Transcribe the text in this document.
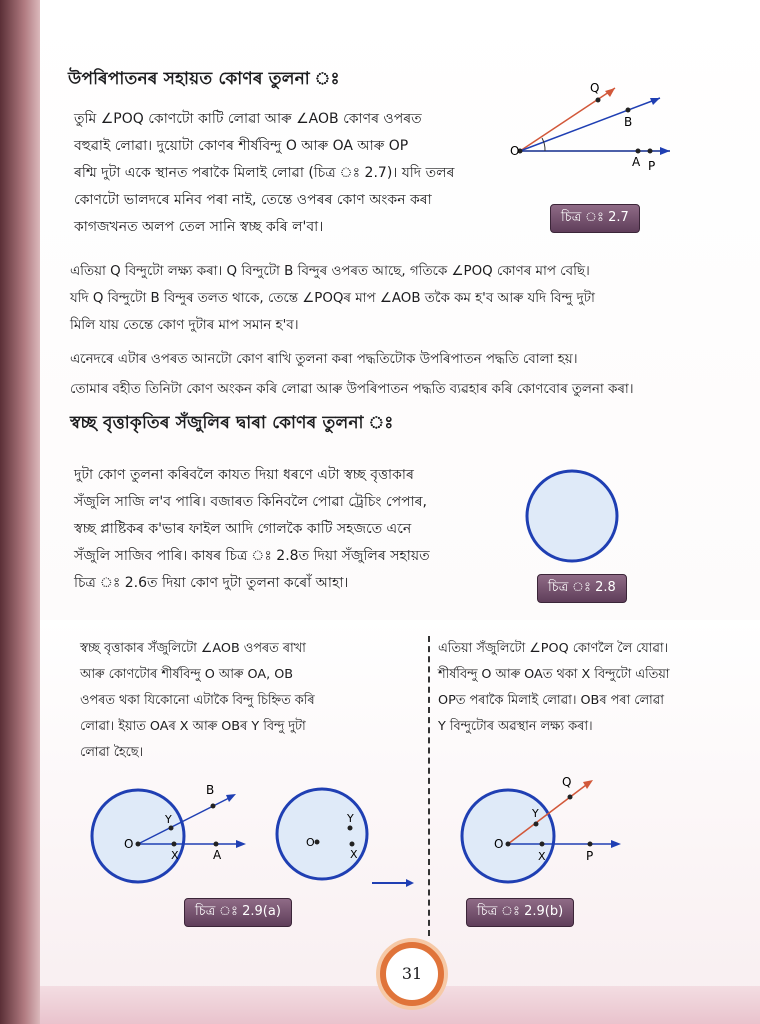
উপৰিপাতনৰ সহায়ত কোণৰ তুলনা ঃ

তুমি ∠POQ কোণটো কাটি লোৱা আৰু ∠AOB কোণৰ ওপৰত

বহুৱাই লোৱা। দুয়োটা কোণৰ শীৰ্ষবিন্দু O আৰু OA আৰু OP

ৰশ্মি দুটা একে স্থানত পৰাকৈ মিলাই লোৱা (চিত্ৰ ঃ 2.7)। যদি তলৰ

কোণটো ভালদৰে মনিব পৰা নাই, তেন্তে ওপৰৰ কোণ অংকন কৰা

কাগজখনত অলপ তেল সানি স্বচ্ছ কৰি ল'বা।

Q
B
O
A P
চিত্ৰ ঃ 2.7

এতিয়া Q বিন্দুটো লক্ষ্য কৰা। Q বিন্দুটো B বিন্দুৰ ওপৰত আছে, গতিকে ∠POQ কোণৰ মাপ বেছি।

যদি Q বিন্দুটো B বিন্দুৰ তলত থাকে, তেন্তে ∠POQৰ মাপ ∠AOB তকৈ কম হ'ব আৰু যদি বিন্দু দুটা

মিলি যায় তেন্তে কোণ দুটাৰ মাপ সমান হ'ব।

এনেদৰে এটাৰ ওপৰত আনটো কোণ ৰাখি তুলনা কৰা পদ্ধতিটোক উপৰিপাতন পদ্ধতি বোলা হয়।
তোমাৰ বহীত তিনিটা কোণ অংকন কৰি লোৱা আৰু উপৰিপাতন পদ্ধতি ব্যৱহাৰ কৰি কোণবোৰ তুলনা কৰা।
স্বচ্ছ বৃত্তাকৃতিৰ সঁজুলিৰ দ্বাৰা কোণৰ তুলনা ঃ

দুটা কোণ তুলনা কৰিবলৈ কাযত দিয়া ধৰণে এটা স্বচ্ছ বৃত্তাকাৰ

সঁজুলি সাজি ল'ব পাৰি। বজাৰত কিনিবলৈ পোৱা ট্ৰেচিং পেপাৰ,

স্বচ্ছ প্লাষ্টিকৰ ক'ভাৰ ফাইল আদি গোলকৈ কাটি সহজতে এনে

সঁজুলি সাজিব পাৰি। কাষৰ চিত্ৰ ঃ 2.8ত দিয়া সঁজুলিৰ সহায়ত

চিত্ৰ ঃ 2.6ত দিয়া কোণ দুটা তুলনা কৰোঁ আহা।	চিত্ৰ ঃ 2.8

স্বচ্ছ বৃত্তাকাৰ সঁজুলিটো ∠AOB ওপৰত ৰাখা

আৰু কোণটোৰ শীৰ্ষবিন্দু O আৰু OA, OB

ওপৰত থকা যিকোনো এটাকৈ বিন্দু চিহ্নিত কৰি

লোৱা। ইয়াত OAৰ X আৰু OBৰ Y বিন্দু দুটা

লোৱা হৈছে।

এতিয়া সঁজুলিটো ∠POQ কোণলৈ লৈ যোৱা।

শীৰ্ষবিন্দু O আৰু OAত থকা X বিন্দুটো এতিয়া

OPত পৰাকৈ মিলাই লোৱা। OBৰ পৰা লোৱা

Y বিন্দুটোৰ অৱস্থান লক্ষ্য কৰা।

B
Y
O
X	A
Y
O
X
চিত্ৰ ঃ 2.9(a)
Q
Y
O
X	P
চিত্ৰ ঃ 2.9(b)
31
